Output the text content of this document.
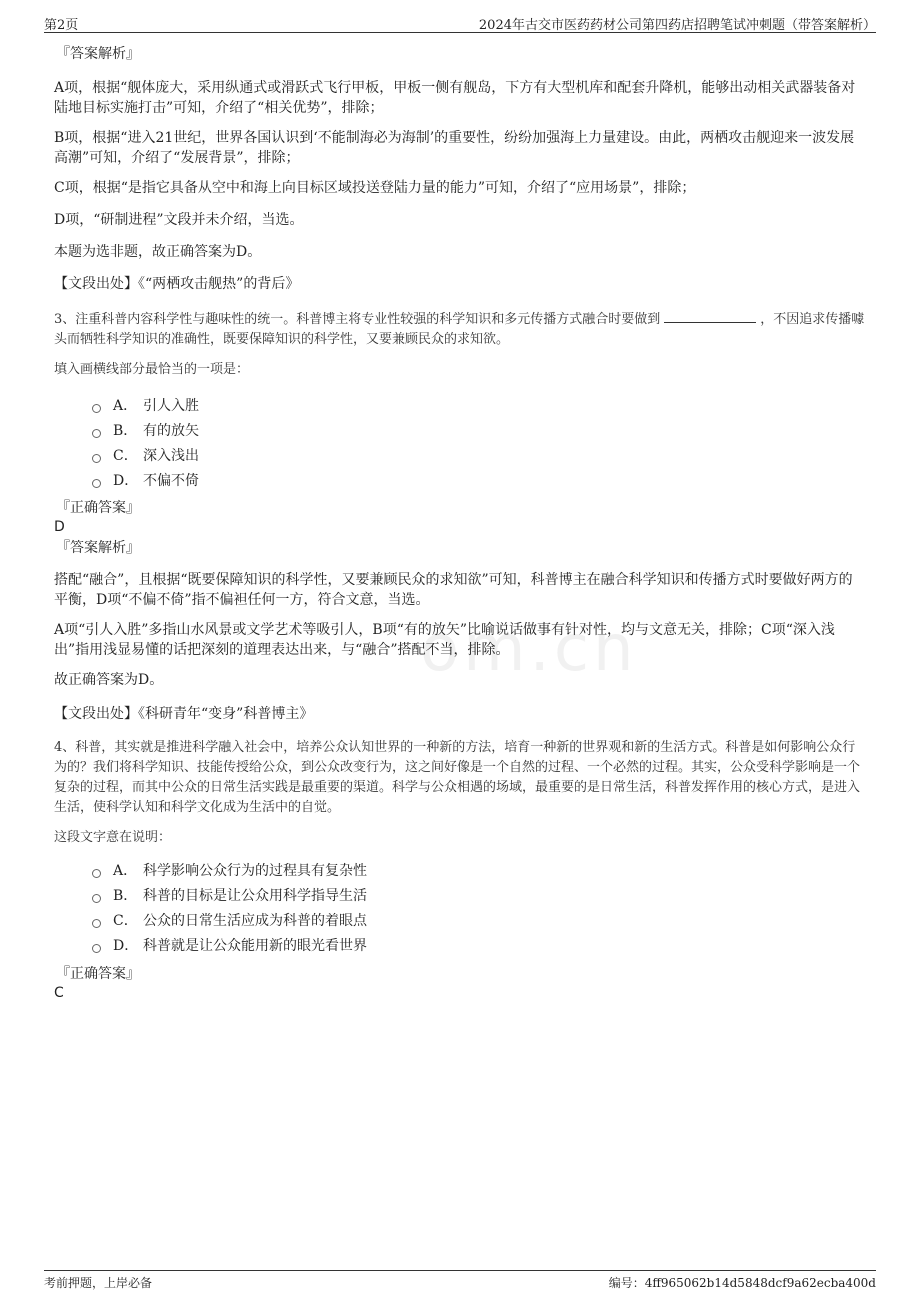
第2页	2024年古交市医药药材公司第四药店招聘笔试冲刺题（带答案解析）
om.cn
『答案解析』

A项，根据“舰体庞大，采用纵通式或滑跃式飞行甲板，甲板一侧有舰岛，下方有大型机库和配套升降机，能够出动相关武器装备对陆地目标实施打击”可知，介绍了“相关优势”，排除；

B项，根据“进入21世纪，世界各国认识到‘不能制海必为海制’的重要性，纷纷加强海上力量建设。由此，两栖攻击舰迎来一波发展高潮”可知，介绍了“发展背景”，排除；

C项，根据“是指它具备从空中和海上向目标区域投送登陆力量的能力”可知，介绍了“应用场景”，排除；

D项，“研制进程”文段并未介绍，当选。

本题为选非题，故正确答案为D。

【文段出处】《“两栖攻击舰热”的背后》

3、注重科普内容科学性与趣味性的统一。科普博主将专业性较强的科学知识和多元传播方式融合时要做到	，不因追求传播噱头而牺牲科学知识的准确性，既要保障知识的科学性，又要兼顾民众的求知欲。

填入画横线部分最恰当的一项是：
A． 引人入胜
B． 有的放矢
C． 深入浅出
D． 不偏不倚
『正确答案』
D
『答案解析』

搭配“融合”，且根据“既要保障知识的科学性，又要兼顾民众的求知欲”可知，科普博主在融合科学知识和传播方式时要做好两方的平衡，D项“不偏不倚”指不偏袒任何一方，符合文意，当选。

A项“引人入胜”多指山水风景或文学艺术等吸引人，B项“有的放矢”比喻说话做事有针对性，均与文意无关，排除；C项“深入浅出”指用浅显易懂的话把深刻的道理表达出来，与“融合”搭配不当，排除。

故正确答案为D。

【文段出处】《科研青年“变身”科普博主》

4、科普，其实就是推进科学融入社会中，培养公众认知世界的一种新的方法，培育一种新的世界观和新的生活方式。科普是如何影响公众行为的？我们将科学知识、技能传授给公众，到公众改变行为，这之间好像是一个自然的过程、一个必然的过程。其实，公众受科学影响是一个复杂的过程，而其中公众的日常生活实践是最重要的渠道。科学与公众相遇的场域，最重要的是日常生活，科普发挥作用的核心方式，是进入生活，使科学认知和科学文化成为生活中的自觉。

这段文字意在说明：
A． 科学影响公众行为的过程具有复杂性
B． 科普的目标是让公众用科学指导生活
C． 公众的日常生活应成为科普的着眼点
D． 科普就是让公众能用新的眼光看世界
『正确答案』
C
考前押题，上岸必备	编号：4ff965062b14d5848dcf9a62ecba400d
